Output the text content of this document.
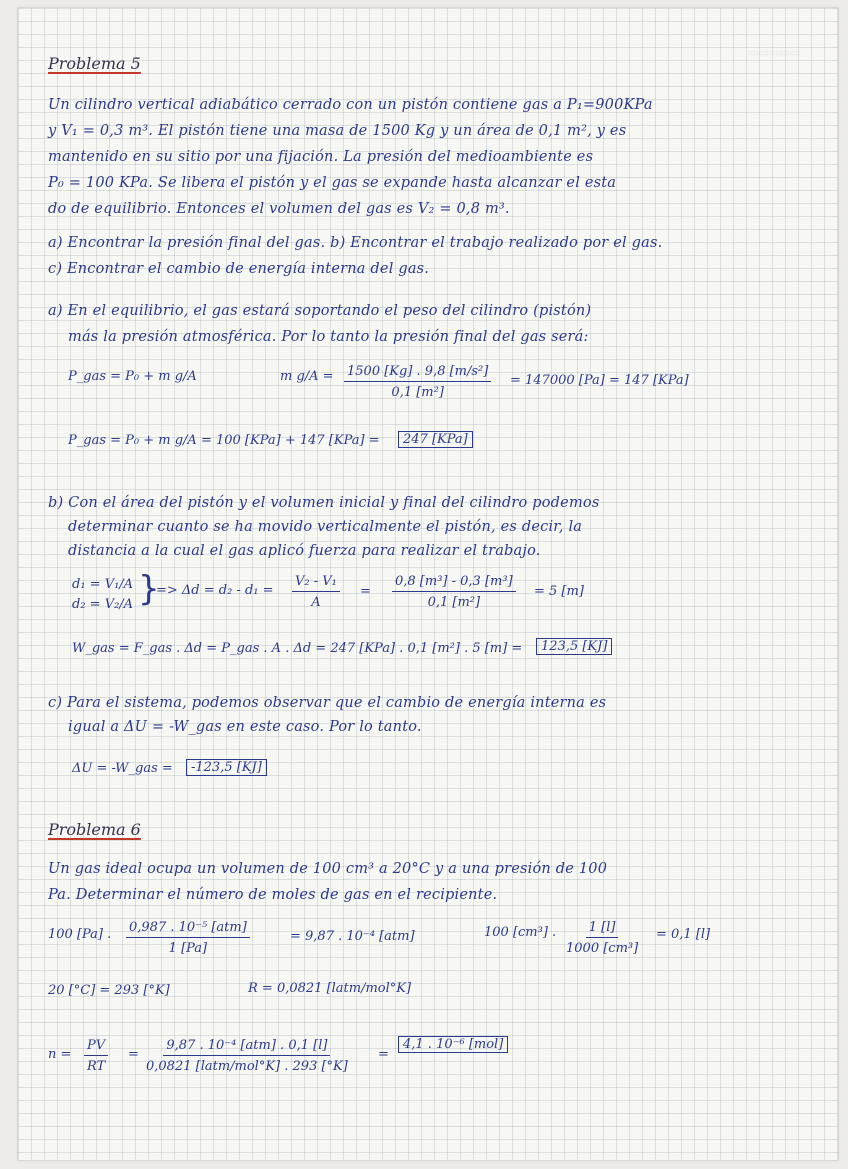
▭▭▭▭▭
Problema 5
Un cilindro vertical adiabático cerrado con un pistón contiene gas a P₁=900KPa
y V₁ = 0,3 m³. El pistón tiene una masa de 1500 Kg y un área de 0,1 m², y es
mantenido en su sitio por una fijación. La presión del medioambiente es
P₀ = 100 KPa. Se libera el pistón y el gas se expande hasta alcanzar el esta
do de equilibrio. Entonces el volumen del gas es V₂ = 0,8 m³.
a) Encontrar la presión final del gas. b) Encontrar el trabajo realizado por el gas.
c) Encontrar el cambio de energía interna del gas.
a) En el equilibrio, el gas estará soportando el peso del cilindro (pistón)
más la presión atmosférica. Por lo tanto la presión final del gas será:
P_gas = P₀ + m g/A	m $g/A = \frac{\text{1500 [Kg] . 9,8 [m/s²]}}{\text{0,1 [m²]}} = 147000$ [Pa] = 147 [KPa]
P_gas = P₀ + m g/A = 100 [KPa] + 147 [KPa] =	247 [KPa]
b) Con el área del pistón y el volumen inicial y final del cilindro podemos
determinar cuanto se ha movido verticalmente el pistón, es decir, la
distancia a la cual el gas aplicó fuerza para realizar el trabajo.
d₁ = V₁/A
d₂ = V₂/A }
=> $\Delta d = d_2 - d_1 = \frac{\text{V₂ - V₁}}{A} = \frac{\text{0,8 [m³] - 0,3 [m³]}}{\text{0,1 [m²]}} = 5$ [m]
W_gas = F_gas . Δd = P_gas . A . Δd = 247 [KPa] . 0,1 [m²] . 5 [m] =	123,5 [KJ]
c) Para el sistema, podemos observar que el cambio de energía interna es
igual a ΔU = -W_gas en este caso. Por lo tanto.
ΔU = -W_gas =	-123,5 [KJ]
Problema 6
Un gas ideal ocupa un volumen de 100 cm³ a 20°C y a una presión de 100
Pa. Determinar el número de moles de gas en el recipiente.
100 [Pa] . 0,987 . 10⁻⁵ [atm]
1 [Pa]
= 9,87 . 10⁻⁴ [atm]	100 [cm³] . $\frac{1 [l]}{\text{1000 [cm³]}} = 0,1$ [l]
20 [°C] = 293 [°K]	R = 0,0821 [latm/mol°K]
$n = \frac{PV}{RT}$ =
9,87 . 10⁻⁴ [atm] . 0,1 [l]
0,0821 [latm/mol°K] . 293 [°K]
=
4,1 . 10⁻⁶ [mol]
